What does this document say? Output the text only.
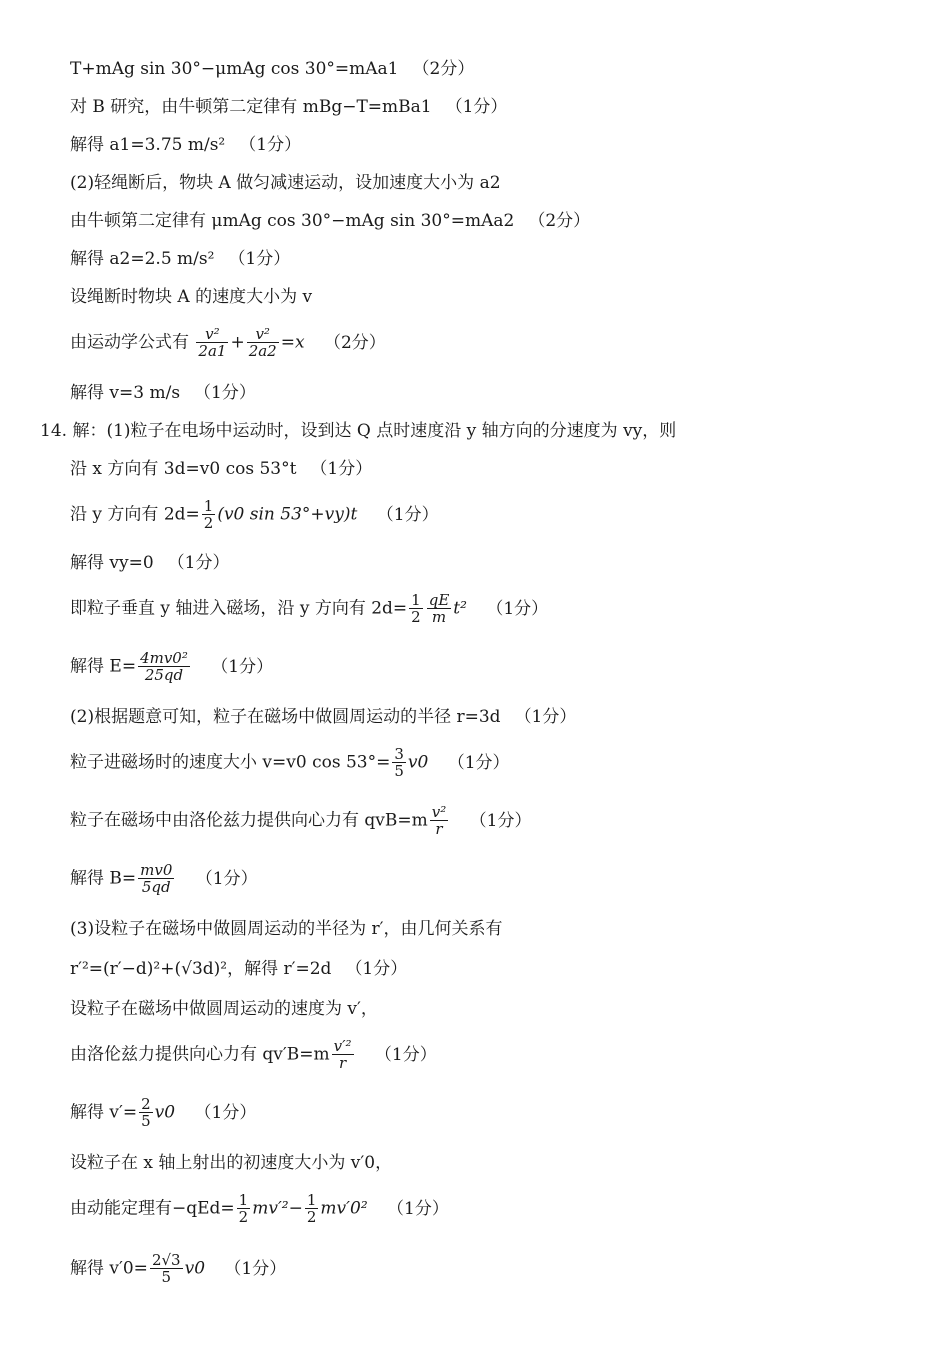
T+mAg sin 30°−μmAg cos 30°=mAa1 （2分）
对 B 研究，由牛顿第二定律有 mBg−T=mBa1 （1分）
解得 a1=3.75 m/s² （1分）
(2)轻绳断后，物块 A 做匀减速运动，设加速度大小为 a2
由牛顿第二定律有 μmAg cos 30°−mAg sin 30°=mAa2 （2分）
解得 a2=2.5 m/s² （1分）
设绳断时物块 A 的速度大小为 v
由运动学公式有 $\frac{\text{v²}}{2a1} + \frac{\text{v²}}{2a2} =x$ （2分）
解得 v=3 m/s （1分）
14. 解：(1)粒子在电场中运动时，设到达 Q 点时速度沿 y 轴方向的分速度为 vy，则
沿 x 方向有 3d=v0 cos 53°t （1分）
沿 y 方向有 $2d= \frac{1}{2} (v0$ sin 53°+vy)t （1分）
解得 vy=0 （1分）
即粒子垂直 y 轴进入磁场，沿 y 方向有 $2d= \frac{1}{2} \frac{qE}{m} t^2$ （1分）
解得 $E= \frac{\text{4mv0²}}{25qd} (1$分）
(2)根据题意可知，粒子在磁场中做圆周运动的半径 r=3d （1分）
粒子进磁场时的速度大小 v=v0 $\cos 53^\circ= \frac{3}{5} v0$ （1分）
粒子在磁场中由洛伦兹力提供向心力有 $qvB=m \frac{\text{v²}}{r} (1$分）
解得 $B= \frac{mv0}{5qd} (1$分）
(3)设粒子在磁场中做圆周运动的半径为 r′，由几何关系有
r′²=(r′−d)²+(√3d)²，解得 r′=2d （1分）
设粒子在磁场中做圆周运动的速度为 v′，
由洛伦兹力提供向心力有 $qv'B=m \frac{\text{v′²}}{r} (1$分）
解得 $v'= \frac{2}{5} v0$ （1分）
设粒子在 x 轴上射出的初速度大小为 v′0，
由动能定理有$-qEd= \frac{1}{2} mv'^2- \frac{1}{2} mv'0^2$ （1分）
解得 $v'0= \frac{2√3}{5} v0$ （1分）
